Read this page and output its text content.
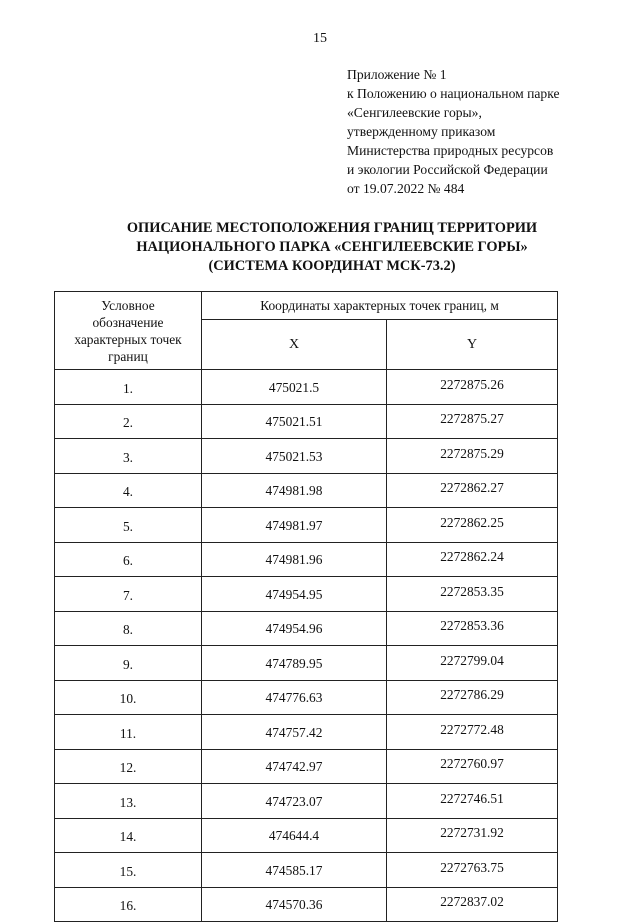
15
Приложение № 1
к Положению о национальном парке
«Сенгилеевские горы»,
утвержденному приказом
Министерства природных ресурсов
и экологии Российской Федерации
от 19.07.2022 № 484
ОПИСАНИЕ МЕСТОПОЛОЖЕНИЯ ГРАНИЦ ТЕРРИТОРИИ
НАЦИОНАЛЬНОГО ПАРКА «СЕНГИЛЕЕВСКИЕ ГОРЫ»
(СИСТЕМА КООРДИНАТ МСК-73.2)
Условное
обозначение
характерных точек
границ	Координаты характерных точек границ, м	
	X	Y
1.	475021.5	2272875.26
2.	475021.51	2272875.27
3.	475021.53	2272875.29
4.	474981.98	2272862.27
5.	474981.97	2272862.25
6.	474981.96	2272862.24
7.	474954.95	2272853.35
8.	474954.96	2272853.36
9.	474789.95	2272799.04
10.	474776.63	2272786.29
11.	474757.42	2272772.48
12.	474742.97	2272760.97
13.	474723.07	2272746.51
14.	474644.4	2272731.92
15.	474585.17	2272763.75
16.	474570.36	2272837.02
